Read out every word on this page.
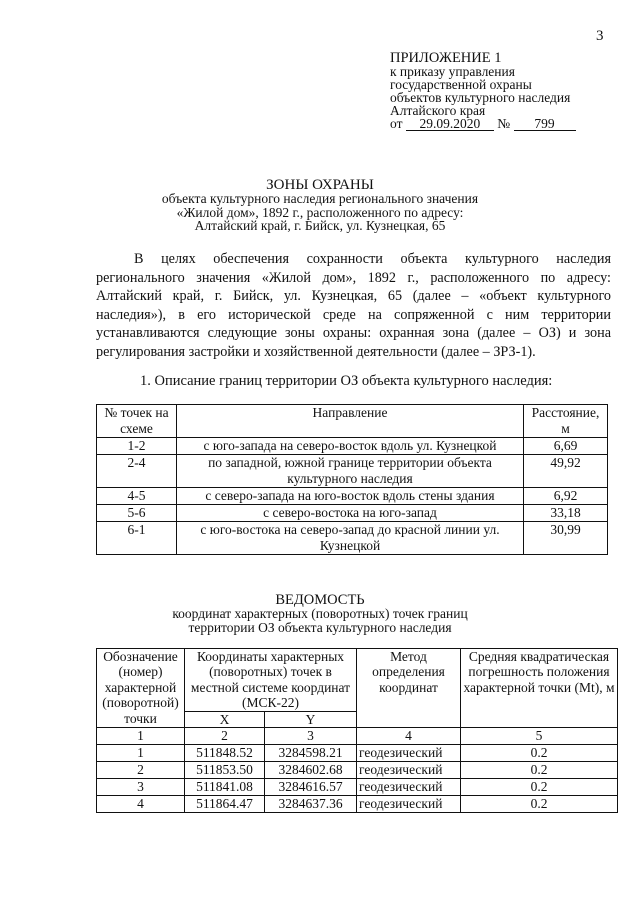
3
ПРИЛОЖЕНИЕ 1
к приказу управления
государственной охраны
объектов культурного наследия
Алтайского края
от 29.09.2020 № 799
ЗОНЫ ОХРАНЫ
объекта культурного наследия регионального значения
«Жилой дом», 1892 г., расположенного по адресу:
Алтайский край, г. Бийск, ул. Кузнецкая, 65

В целях обеспечения сохранности объекта культурного наследия регионального значения «Жилой дом», 1892 г., расположенного по адресу: Алтайский край, г. Бийск, ул. Кузнецкая, 65 (далее – «объект культурного наследия»), в его исторической среде на сопряженной с ним территории устанавливаются следующие зоны охраны: охранная зона (далее – ОЗ) и зона регулирования застройки и хозяйственной деятельности (далее – ЗРЗ-1).

1. Описание границ территории ОЗ объекта культурного наследия:
№ точек на схеме	Направление	Расстояние, м
1-2	с юго-запада на северо-восток вдоль ул. Кузнецкой	6,69
2-4	по западной, южной границе территории объекта культурного наследия	49,92
4-5	с северо-запада на юго-восток вдоль стены здания	6,92
5-6	с северо-востока на юго-запад	33,18
6-1	с юго-востока на северо-запад до красной линии ул. Кузнецкой	30,99
ВЕДОМОСТЬ
координат характерных (поворотных) точек границ
территории ОЗ объекта культурного наследия
Обозначение (номер) характерной (поворотной) точки	Координаты характерных (поворотных) точек в местной системе координат (МСК-22)		Метод определения координат	Средняя квадратическая погрешность положения характерной точки (Mt), м
	X	Y		
1	2	3	4	5
1	511848.52	3284598.21	геодезический	0.2
2	511853.50	3284602.68	геодезический	0.2
3	511841.08	3284616.57	геодезический	0.2
4	511864.47	3284637.36	геодезический	0.2
